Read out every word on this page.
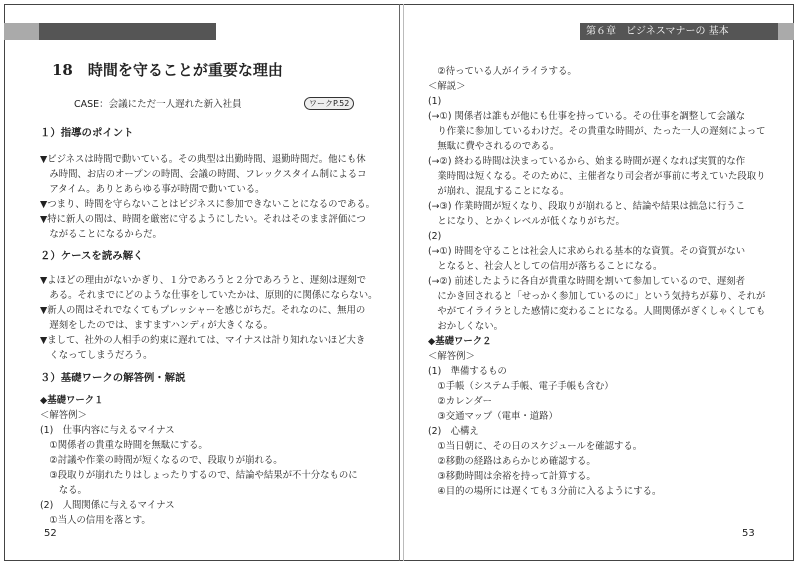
第６章　ビジネスマナーの 基本
18　時間を守ることが重要な理由
CASE：会議にただ一人遅れた新入社員	ワークP.52
１）指導のポイント
▼ビジネスは時間で動いている。その典型は出勤時間、退勤時間だ。他にも休
　み時間、お店のオープンの時間、会議の時間、フレックスタイム制によるコ
　アタイム。ありとあらゆる事が時間で動いている。
▼つまり、時間を守らないことはビジネスに参加できないことになるのである。
▼特に新人の間は、時間を厳密に守るようにしたい。それはそのまま評価につ
　ながることになるからだ。
２）ケースを読み解く
▼よほどの理由がないかぎり、１分であろうと２分であろうと、遅刻は遅刻で
　ある。それまでにどのような仕事をしていたかは、原則的に関係にならない。
▼新人の間はそれでなくてもプレッシャーを感じがちだ。それなのに、無用の
　遅刻をしたのでは、ますますハンディが大きくなる。
▼まして、社外の人相手の約束に遅れては、マイナスは計り知れないほど大き
　くなってしまうだろう。
３）基礎ワークの解答例・解説
◆基礎ワーク１
＜解答例＞
(1)　仕事内容に与えるマイナス
　①関係者の貴重な時間を無駄にする。
　②討議や作業の時間が短くなるので、段取りが崩れる。
　③段取りが崩れたりはしょったりするので、結論や結果が不十分なものに
　　なる。
(2)　人間関係に与えるマイナス
　①当人の信用を落とす。
52
　②待っている人がイライラする。
＜解説＞
(1)
(→①) 関係者は誰もが他にも仕事を持っている。その仕事を調整して会議な
　り作業に参加しているわけだ。その貴重な時間が、たった一人の遅刻によって
　無駄に費やされるのである。
(→②) 終わる時間は決まっているから、始まる時間が遅くなれば実質的な作
　業時間は短くなる。そのために、主催者なり司会者が事前に考えていた段取り
　が崩れ、混乱することになる。
(→③) 作業時間が短くなり、段取りが崩れると、結論や結果は拙急に行うこ
　とになり、とかくレベルが低くなりがちだ。
(2)
(→①) 時間を守ることは社会人に求められる基本的な資質。その資質がない
　となると、社会人としての信用が落ちることになる。
(→②) 前述したように各自が貴重な時間を割いて参加しているので、遅刻者
　にかき回されると「せっかく参加しているのに」という気持ちが募り、それが
　やがてイライラとした感情に変わることになる。人間関係がぎくしゃくしても
　おかしくない。
◆基礎ワーク２
＜解答例＞
(1)　準備するもの
　①手帳（システム手帳、電子手帳も含む）
　②カレンダー
　③交通マップ（電車・道路）
(2)　心構え
　①当日朝に、その日のスケジュールを確認する。
　②移動の経路はあらかじめ確認する。
　③移動時間は余裕を持って計算する。
　④目的の場所には遅くても３分前に入るようにする。
53
